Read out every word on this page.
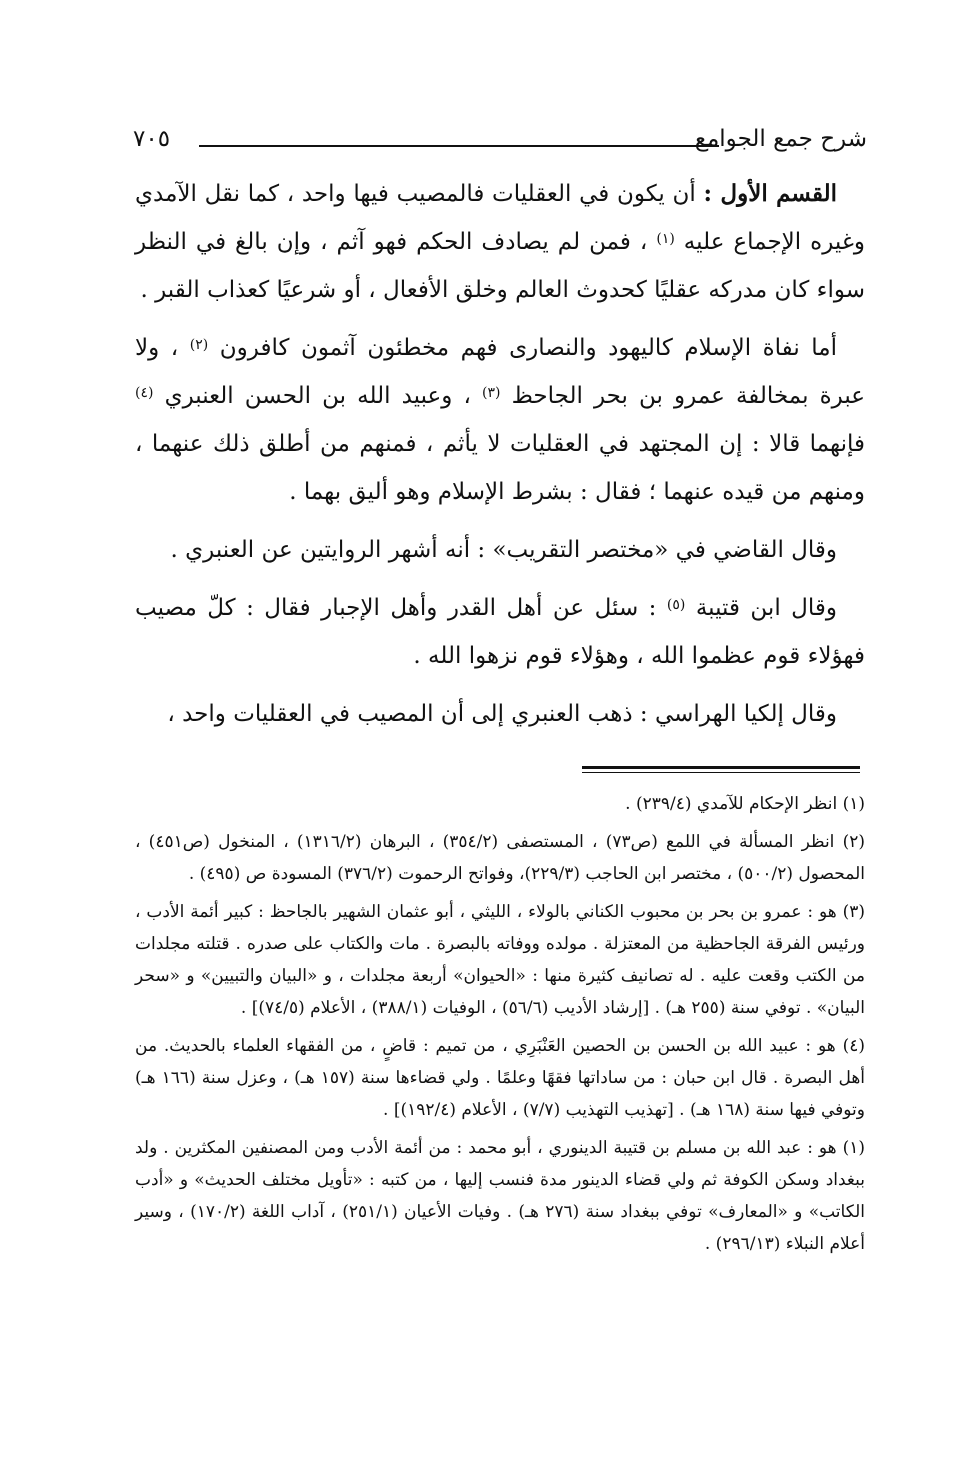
شرح جمع الجوامع
٧٠٥

القسم الأول : أن يكون في العقليات فالمصيب فيها واحد ، كما نقل الآمدي وغيره الإجماع عليه $^{(١)}$ ، فمن لم يصادف الحكم فهو آثم ، وإن بالغ في النظر سواء كان مدركه عقليًا كحدوث العالم وخلق الأفعال ، أو شرعيًا كعذاب القبر .

أما نفاة الإسلام كاليهود والنصارى فهم مخطئون آثمون كافرون $^{(٢)}$ ، ولا عبرة بمخالفة عمرو بن بحر الجاحظ $^{(٣)}$ ، وعبيد الله بن الحسن العنبري $^{(٤)}$ فإنهما قالا : إن المجتهد في العقليات لا يأثم ، فمنهم من أطلق ذلك عنهما ، ومنهم من قيده عنهما ؛ فقال : بشرط الإسلام وهو أليق بهما .

وقال القاضي في «مختصر التقريب» : أنه أشهر الروايتين عن العنبري .

وقال ابن قتيبة $^{(٥)}$ : سئل عن أهل القدر وأهل الإجبار فقال : كلّ مصيب فهؤلاء قوم عظموا الله ، وهؤلاء قوم نزهوا الله .

وقال إلكيا الهراسي : ذهب العنبري إلى أن المصيب في العقليات واحد ،

(١) انظر الإحكام للآمدي (٢٣٩/٤) .

(٢) انظر المسألة في اللمع (ص٧٣) ، المستصفى (٣٥٤/٢) ، البرهان (١٣١٦/٢) ، المنخول (ص٤٥١) ، المحصول (٥٠٠/٢) ، مختصر ابن الحاجب (٢٢٩/٣)، وفواتح الرحموت (٣٧٦/٢) المسودة ص (٤٩٥) .

(٣) هو : عمرو بن بحر بن محبوب الكناني بالولاء ، الليثي ، أبو عثمان الشهير بالجاحظ : كبير أئمة الأدب ، ورئيس الفرقة الجاحظية من المعتزلة . مولده ووفاته بالبصرة . مات والكتاب على صدره . قتلته مجلدات من الكتب وقعت عليه . له تصانيف كثيرة منها : «الحيوان» أربعة مجلدات ، و «البيان والتبيين» و «سحر البيان» . توفي سنة (٢٥٥ هـ) . [إرشاد الأديب (٥٦/٦) ، الوفيات (٣٨٨/١) ، الأعلام (٧٤/٥)] .

(٤) هو : عبيد الله بن الحسن بن الحصين العَنْبَرِي ، من تميم : قاضٍ ، من الفقهاء العلماء بالحديث. من أهل البصرة . قال ابن حبان : من ساداتها فقهًا وعلمًا . ولي قضاءها سنة (١٥٧ هـ) ، وعزل سنة (١٦٦ هـ) وتوفي فيها سنة (١٦٨ هـ) . [تهذيب التهذيب (٧/٧) ، الأعلام (١٩٢/٤)] .

(١) هو : عبد الله بن مسلم بن قتيبة الدينوري ، أبو محمد : من أئمة الأدب ومن المصنفين المكثرين . ولد ببغداد وسكن الكوفة ثم ولي قضاء الدينور مدة فنسب إليها ، من كتبه : «تأويل مختلف الحديث» و «أدب الكاتب» و «المعارف» توفي ببغداد سنة (٢٧٦ هـ) . وفيات الأعيان (٢٥١/١) ، آداب اللغة (١٧٠/٢) ، وسير أعلام النبلاء (٢٩٦/١٣) .
